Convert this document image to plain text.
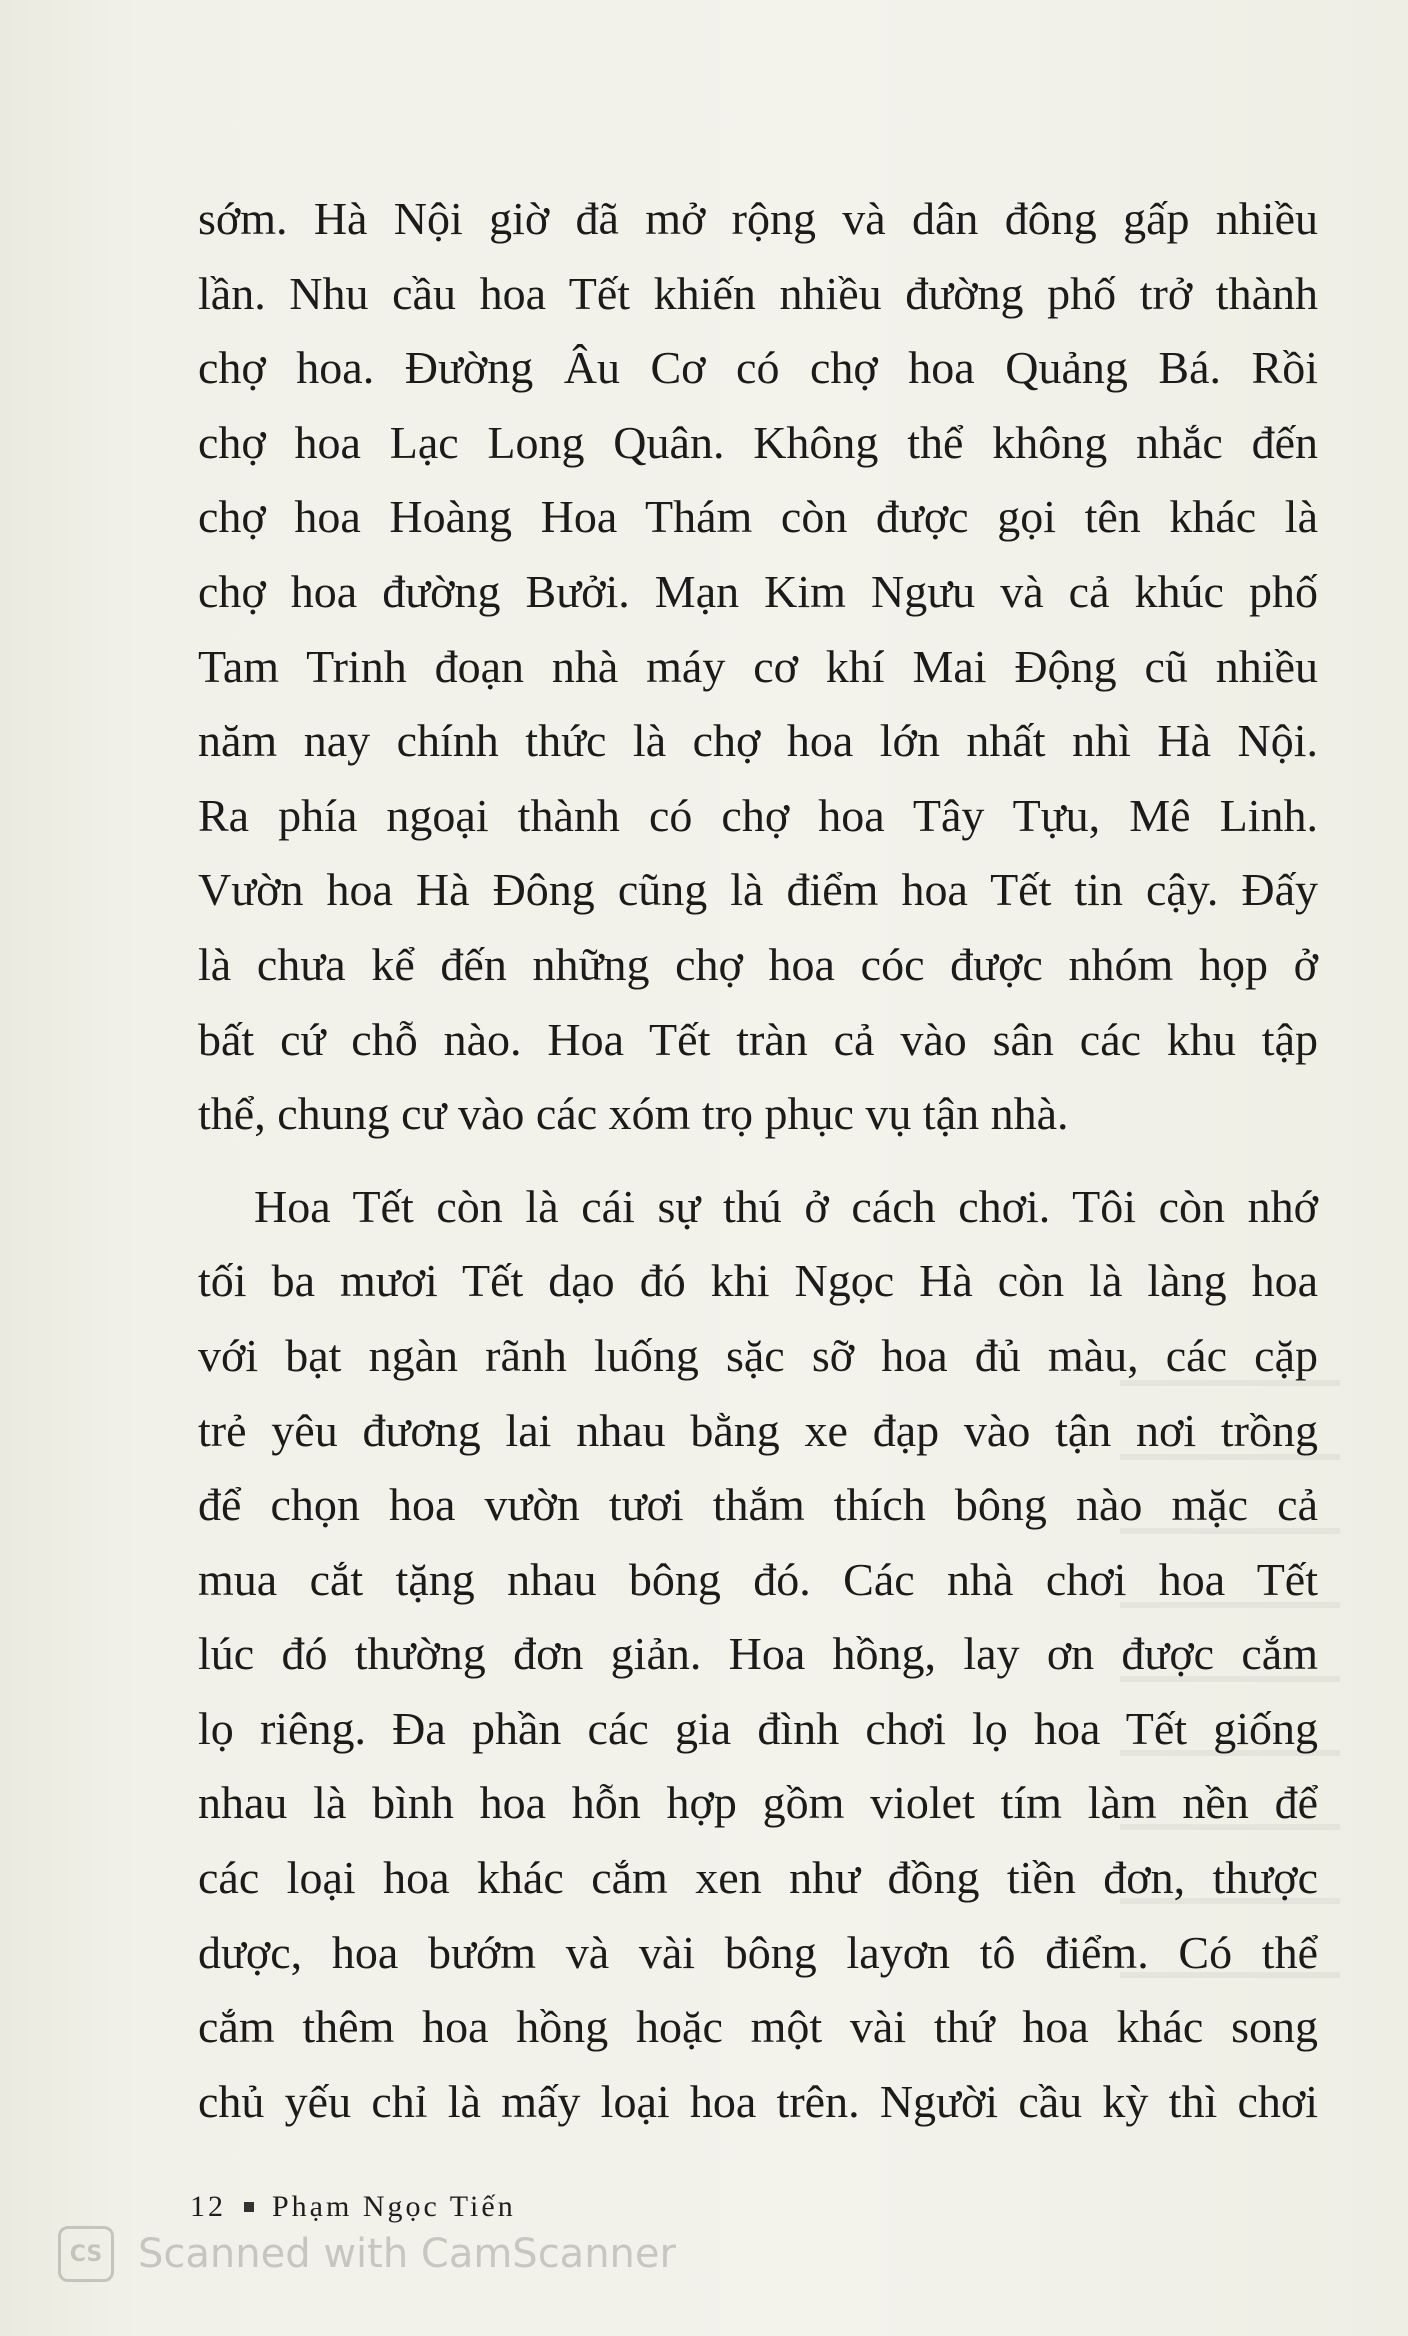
sớm. Hà Nội giờ đã mở rộng và dân đông gấp nhiều
lần. Nhu cầu hoa Tết khiến nhiều đường phố trở thành
chợ hoa. Đường Âu Cơ có chợ hoa Quảng Bá. Rồi
chợ hoa Lạc Long Quân. Không thể không nhắc đến
chợ hoa Hoàng Hoa Thám còn được gọi tên khác là
chợ hoa đường Bưởi. Mạn Kim Ngưu và cả khúc phố
Tam Trinh đoạn nhà máy cơ khí Mai Động cũ nhiều
năm nay chính thức là chợ hoa lớn nhất nhì Hà Nội.
Ra phía ngoại thành có chợ hoa Tây Tựu, Mê Linh.
Vườn hoa Hà Đông cũng là điểm hoa Tết tin cậy. Đấy
là chưa kể đến những chợ hoa cóc được nhóm họp ở
bất cứ chỗ nào. Hoa Tết tràn cả vào sân các khu tập
thể, chung cư vào các xóm trọ phục vụ tận nhà.
Hoa Tết còn là cái sự thú ở cách chơi. Tôi còn nhớ
tối ba mươi Tết dạo đó khi Ngọc Hà còn là làng hoa
với bạt ngàn rãnh luống sặc sỡ hoa đủ màu, các cặp
trẻ yêu đương lai nhau bằng xe đạp vào tận nơi trồng
để chọn hoa vườn tươi thắm thích bông nào mặc cả
mua cắt tặng nhau bông đó. Các nhà chơi hoa Tết
lúc đó thường đơn giản. Hoa hồng, lay ơn được cắm
lọ riêng. Đa phần các gia đình chơi lọ hoa Tết giống
nhau là bình hoa hỗn hợp gồm violet tím làm nền để
các loại hoa khác cắm xen như đồng tiền đơn, thược
dược, hoa bướm và vài bông layơn tô điểm. Có thể
cắm thêm hoa hồng hoặc một vài thứ hoa khác song
chủ yếu chỉ là mấy loại hoa trên. Người cầu kỳ thì chơi
12 Phạm Ngọc Tiến
CS Scanned with CamScanner
